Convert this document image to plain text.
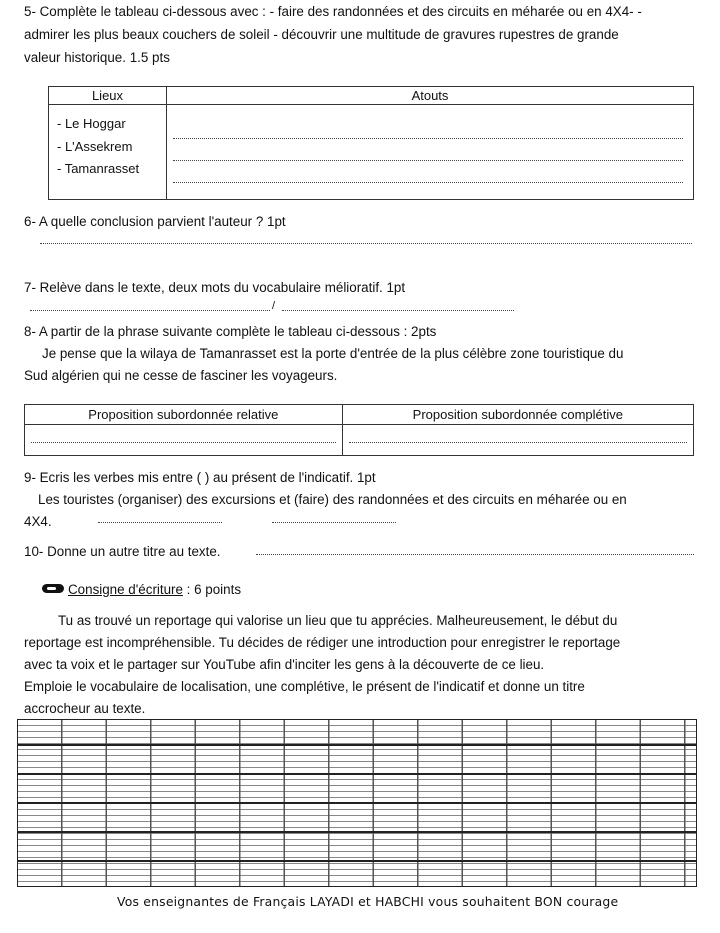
5- Complète le tableau ci-dessous avec : - faire des randonnées et des circuits en méharée ou en 4X4- -
admirer les plus beaux couchers de soleil - découvrir une multitude de gravures rupestres de grande
valeur historique. 1.5 pts
Lieux	Atouts

- Le Hoggar
- L'Assekrem
- Tamanrasset	

6- A quelle conclusion parvient l'auteur ? 1pt
7- Relève dans le texte, deux mots du vocabulaire mélioratif. 1pt
/
8- A partir de la phrase suivante complète le tableau ci-dessous : 2pts
Je pense que la wilaya de Tamanrasset est la porte d'entrée de la plus célèbre zone touristique du
Sud algérien qui ne cesse de fasciner les voyageurs.
Proposition subordonnée relative	Proposition subordonnée complétive

9- Ecris les verbes mis entre ( ) au présent de l'indicatif. 1pt
Les touristes (organiser) des excursions et (faire) des randonnées et des circuits en méharée ou en
4X4.
10- Donne un autre titre au texte.
Consigne d'écriture : 6 points
Tu as trouvé un reportage qui valorise un lieu que tu apprécies. Malheureusement, le début du
reportage est incompréhensible. Tu décides de rédiger une introduction pour enregistrer le reportage
avec ta voix et le partager sur YouTube afin d'inciter les gens à la découverte de ce lieu.
Emploie le vocabulaire de localisation, une complétive, le présent de l'indicatif et donne un titre
accrocheur au texte.
Vos enseignantes de Français LAYADI et HABCHI vous souhaitent BON courage
